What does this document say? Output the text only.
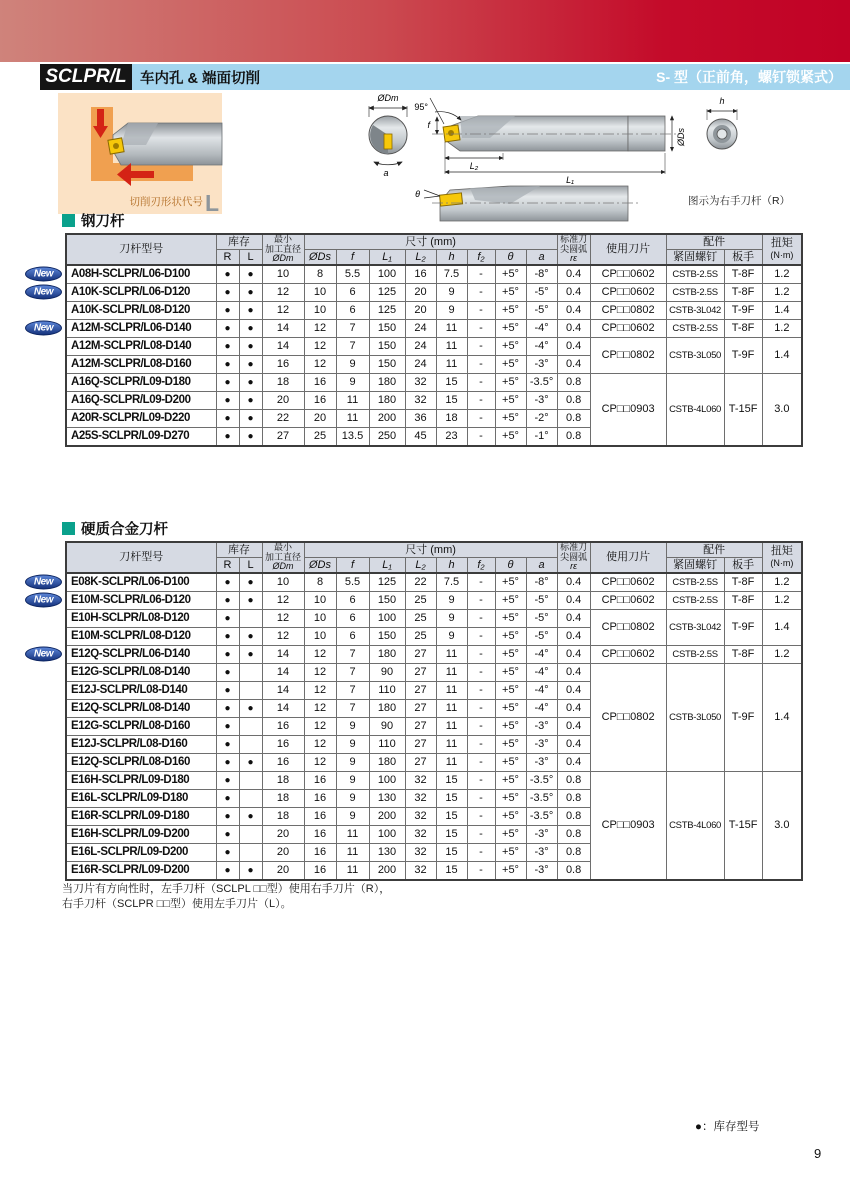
SCLPR/L 车内孔 & 端面切削	S- 型（正前角，螺钉锁紧式）
切削刃形状代号 L
ØDm
a
95°
f
L₂
L₁
ØDs
h
θ
图示为右手刀杆（R）
钢刀杆
硬质合金刀杆
刀杆型号	库存		最小
加工直径
ØDm	尺寸 (mm)								标准刀
尖圆弧
rε	使用刀片	配件		扭矩
(N·m)
	R	L		ØDs	f	L₁	L₂	h	f₂	θ	a			紧固螺钉	板手	

New A08H-SCLPR/L06-D100	●	●	10	8	5.5	100	16	7.5	-	+5°	-8°	0.4	CP□□0602	CSTB-2.5S	T-8F	1.2

New A10K-SCLPR/L06-D120	●	●	12	10	6	125	20	9	-	+5°	-5°	0.4	CP□□0602	CSTB-2.5S	T-8F	1.2
A10K-SCLPR/L08-D120	●	●	12	10	6	125	20	9	-	+5°	-5°	0.4	CP□□0802	CSTB-3L042	T-9F	1.4

New A12M-SCLPR/L06-D140	●	●	14	12	7	150	24	11	-	+5°	-4°	0.4	CP□□0602	CSTB-2.5S	T-8F	1.2
A12M-SCLPR/L08-D140	●	●	14	12	7	150	24	11	-	+5°	-4°	0.4	CP□□0802	CSTB-3L050	T-9F	1.4
A12M-SCLPR/L08-D160	●	●	16	12	9	150	24	11	-	+5°	-3°	0.4				
A16Q-SCLPR/L09-D180	●	●	18	16	9	180	32	15	-	+5°	-3.5°	0.8	CP□□0903	CSTB-4L060	T-15F	3.0
A16Q-SCLPR/L09-D200	●	●	20	16	11	180	32	15	-	+5°	-3°	0.8				
A20R-SCLPR/L09-D220	●	●	22	20	11	200	36	18	-	+5°	-2°	0.8				
A25S-SCLPR/L09-D270	●	●	27	25	13.5	250	45	23	-	+5°	-1°	0.8				
刀杆型号	库存		最小
加工直径
ØDm	尺寸 (mm)								标准刀
尖圆弧
rε	使用刀片	配件		扭矩
(N·m)
	R	L		ØDs	f	L₁	L₂	h	f₂	θ	a			紧固螺钉	板手	

New E08K-SCLPR/L06-D100	●	●	10	8	5.5	125	22	7.5	-	+5°	-8°	0.4	CP□□0602	CSTB-2.5S	T-8F	1.2

New E10M-SCLPR/L06-D120	●	●	12	10	6	150	25	9	-	+5°	-5°	0.4	CP□□0602	CSTB-2.5S	T-8F	1.2
E10H-SCLPR/L08-D120	●		12	10	6	100	25	9	-	+5°	-5°	0.4	CP□□0802	CSTB-3L042	T-9F	1.4
E10M-SCLPR/L08-D120	●	●	12	10	6	150	25	9	-	+5°	-5°	0.4				

New E12Q-SCLPR/L06-D140	●	●	14	12	7	180	27	11	-	+5°	-4°	0.4	CP□□0602	CSTB-2.5S	T-8F	1.2
E12G-SCLPR/L08-D140	●		14	12	7	90	27	11	-	+5°	-4°	0.4	CP□□0802	CSTB-3L050	T-9F	1.4
E12J-SCLPR/L08-D140	●		14	12	7	110	27	11	-	+5°	-4°	0.4				
E12Q-SCLPR/L08-D140	●	●	14	12	7	180	27	11	-	+5°	-4°	0.4				
E12G-SCLPR/L08-D160	●		16	12	9	90	27	11	-	+5°	-3°	0.4				
E12J-SCLPR/L08-D160	●		16	12	9	110	27	11	-	+5°	-3°	0.4				
E12Q-SCLPR/L08-D160	●	●	16	12	9	180	27	11	-	+5°	-3°	0.4				
E16H-SCLPR/L09-D180	●		18	16	9	100	32	15	-	+5°	-3.5°	0.8	CP□□0903	CSTB-4L060	T-15F	3.0
E16L-SCLPR/L09-D180	●		18	16	9	130	32	15	-	+5°	-3.5°	0.8				
E16R-SCLPR/L09-D180	●	●	18	16	9	200	32	15	-	+5°	-3.5°	0.8				
E16H-SCLPR/L09-D200	●		20	16	11	100	32	15	-	+5°	-3°	0.8				
E16L-SCLPR/L09-D200	●		20	16	11	130	32	15	-	+5°	-3°	0.8				
E16R-SCLPR/L09-D200	●	●	20	16	11	200	32	15	-	+5°	-3°	0.8				
当刀片有方向性时，左手刀杆（SCLPL □□型）使用右手刀片（R），
右手刀杆（SCLPR □□型）使用左手刀片（L）。
●：库存型号
9
